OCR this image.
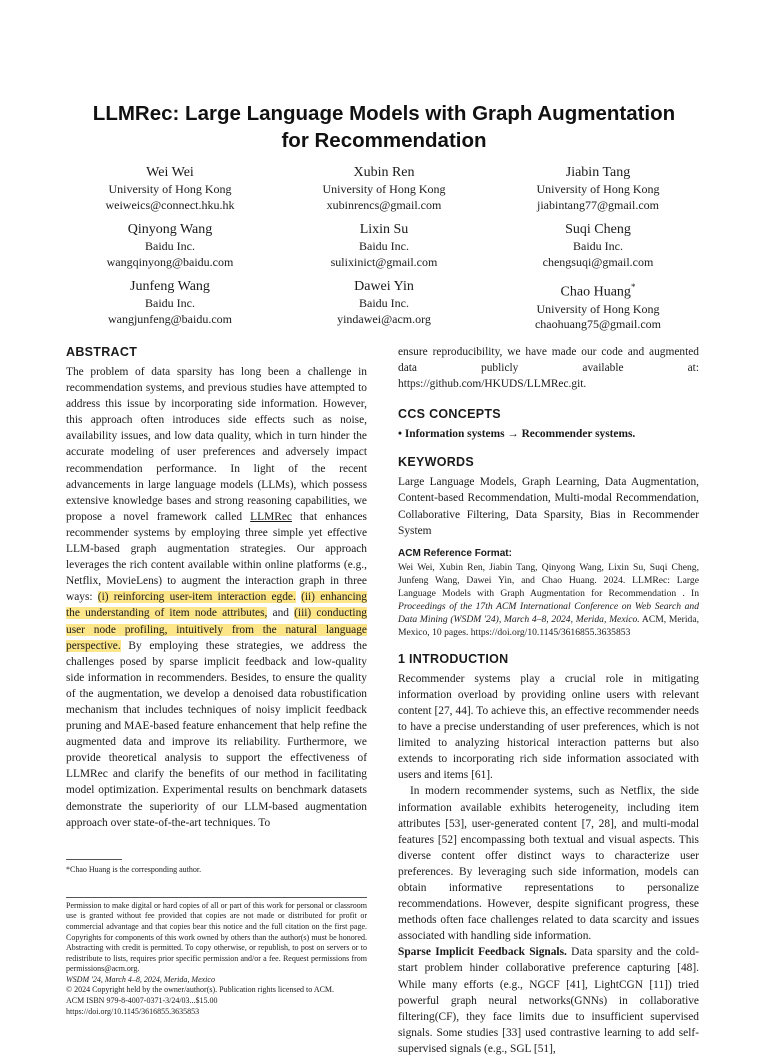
LLMRec: Large Language Models with Graph Augmentation
for Recommendation
Wei Wei
University of Hong Kong
weiweics@connect.hku.hk
Xubin Ren
University of Hong Kong
xubinrencs@gmail.com
Jiabin Tang
University of Hong Kong
jiabintang77@gmail.com
Qinyong Wang
Baidu Inc.
wangqinyong@baidu.com
Lixin Su
Baidu Inc.
sulixinict@gmail.com
Suqi Cheng
Baidu Inc.
chengsuqi@gmail.com
Junfeng Wang
Baidu Inc.
wangjunfeng@baidu.com
Dawei Yin
Baidu Inc.
yindawei@acm.org
Chao Huang*
University of Hong Kong
chaohuang75@gmail.com
ABSTRACT

The problem of data sparsity has long been a challenge in recommendation systems, and previous studies have attempted to address this issue by incorporating side information. However, this approach often introduces side effects such as noise, availability issues, and low data quality, which in turn hinder the accurate modeling of user preferences and adversely impact recommendation performance. In light of the recent advancements in large language models (LLMs), which possess extensive knowledge bases and strong reasoning capabilities, we propose a novel framework called LLMRec that enhances recommender systems by employing three simple yet effective LLM-based graph augmentation strategies. Our approach leverages the rich content available within online platforms (e.g., Netflix, MovieLens) to augment the interaction graph in three ways: (i) reinforcing user-item interaction egde. (ii) enhancing the understanding of item node attributes, and (iii) conducting user node profiling, intuitively from the natural language perspective. By employing these strategies, we address the challenges posed by sparse implicit feedback and low-quality side information in recommenders. Besides, to ensure the quality of the augmentation, we develop a denoised data robustification mechanism that includes techniques of noisy implicit feedback pruning and MAE-based feature enhancement that help refine the augmented data and improve its reliability. Furthermore, we provide theoretical analysis to support the effectiveness of LLMRec and clarify the benefits of our method in facilitating model optimization. Experimental results on benchmark datasets demonstrate the superiority of our LLM-based augmentation approach over state-of-the-art techniques. To

*Chao Huang is the corresponding author.
Permission to make digital or hard copies of all or part of this work for personal or classroom use is granted without fee provided that copies are not made or distributed for profit or commercial advantage and that copies bear this notice and the full citation on the first page. Copyrights for components of this work owned by others than the author(s) must be honored. Abstracting with credit is permitted. To copy otherwise, or republish, to post on servers or to redistribute to lists, requires prior specific permission and/or a fee. Request permissions from permissions@acm.org.
WSDM '24, March 4–8, 2024, Merida, Mexico
© 2024 Copyright held by the owner/author(s). Publication rights licensed to ACM.
ACM ISBN 979-8-4007-0371-3/24/03...$15.00
https://doi.org/10.1145/3616855.3635853

ensure reproducibility, we have made our code and augmented data publicly available at: https://github.com/HKUDS/LLMRec.git.

CCS CONCEPTS

• Information systems → Recommender systems.

KEYWORDS

Large Language Models, Graph Learning, Data Augmentation, Content-based Recommendation, Multi-modal Recommendation, Collaborative Filtering, Data Sparsity, Bias in Recommender System

ACM Reference Format:
Wei Wei, Xubin Ren, Jiabin Tang, Qinyong Wang, Lixin Su, Suqi Cheng, Junfeng Wang, Dawei Yin, and Chao Huang. 2024. LLMRec: Large Language Models with Graph Augmentation for Recommendation . In Proceedings of the 17th ACM International Conference on Web Search and Data Mining (WSDM '24), March 4–8, 2024, Merida, Mexico. ACM, Merida, Mexico, 10 pages. https://doi.org/10.1145/3616855.3635853
1 INTRODUCTION

Recommender systems play a crucial role in mitigating information overload by providing online users with relevant content [27, 44]. To achieve this, an effective recommender needs to have a precise understanding of user preferences, which is not limited to analyzing historical interaction patterns but also extends to incorporating rich side information associated with users and items [61].

In modern recommender systems, such as Netflix, the side information available exhibits heterogeneity, including item attributes [53], user-generated content [7, 28], and multi-modal features [52] encompassing both textual and visual aspects. This diverse content offer distinct ways to characterize user preferences. By leveraging such side information, models can obtain informative representations to personalize recommendations. However, despite significant progress, these methods often face challenges related to data scarcity and issues associated with handling side information.

Sparse Implicit Feedback Signals. Data sparsity and the cold-start problem hinder collaborative preference capturing [48]. While many efforts (e.g., NGCF [41], LightCGN [11]) tried powerful graph neural networks(GNNs) in collaborative filtering(CF), they face limits due to insufficient supervised signals. Some studies [33] used contrastive learning to add self-supervised signals (e.g., SGL [51],
